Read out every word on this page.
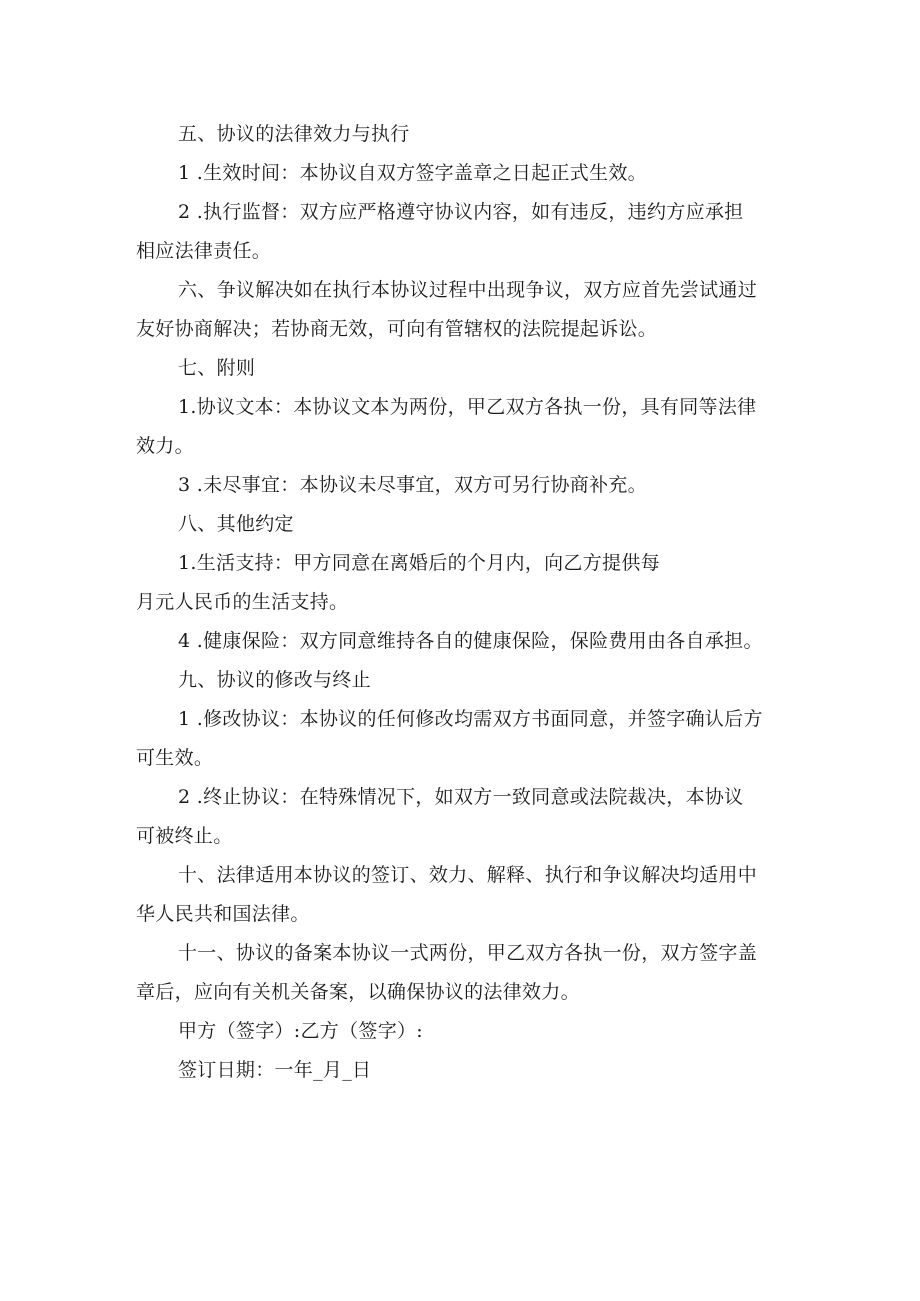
五、协议的法律效力与执行
1 .生效时间：本协议自双方签字盖章之日起正式生效。
2 .执行监督：双方应严格遵守协议内容，如有违反，违约方应承担
相应法律责任。
六、争议解决如在执行本协议过程中出现争议，双方应首先尝试通过
友好协商解决；若协商无效，可向有管辖权的法院提起诉讼。
七、附则
1.协议文本：本协议文本为两份，甲乙双方各执一份，具有同等法律
效力。
3 .未尽事宜：本协议未尽事宜，双方可另行协商补充。
八、其他约定
1.生活支持：甲方同意在离婚后的个月内，向乙方提供每
月元人民币的生活支持。
4 .健康保险：双方同意维持各自的健康保险，保险费用由各自承担。
九、协议的修改与终止
1 .修改协议：本协议的任何修改均需双方书面同意，并签字确认后方
可生效。
2 .终止协议：在特殊情况下，如双方一致同意或法院裁决，本协议
可被终止。
十、法律适用本协议的签订、效力、解释、执行和争议解决均适用中
华人民共和国法律。
十一、协议的备案本协议一式两份，甲乙双方各执一份，双方签字盖
章后，应向有关机关备案，以确保协议的法律效力。
甲方（签字）:乙方（签字）:
签订日期：一年_月_日
